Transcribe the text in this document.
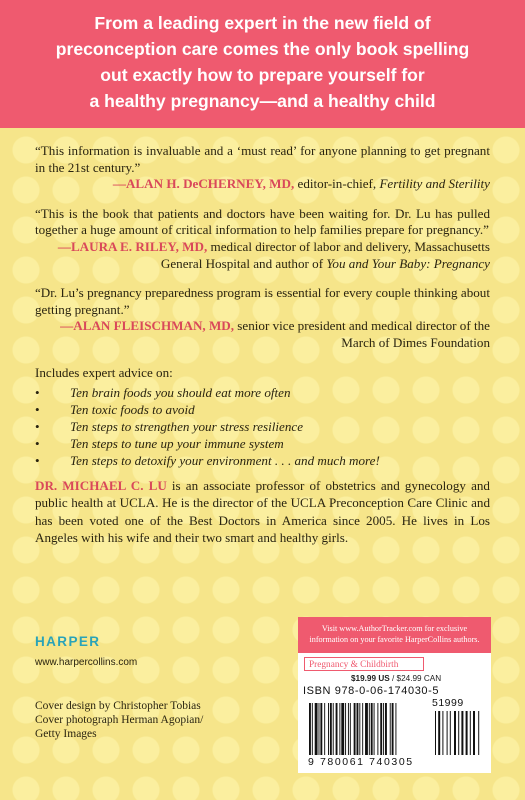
From a leading expert in the new field of
preconception care comes the only book spelling
out exactly how to prepare yourself for
a healthy pregnancy—and a healthy child
“This information is invaluable and a ‘must read’ for anyone planning to get pregnant in the 21st century.”
—ALAN H. DeCHERNEY, MD, editor-in-chief, Fertility and Sterility
“This is the book that patients and doctors have been waiting for. Dr. Lu has pulled together a huge amount of critical information to help families prepare for pregnancy.”
—LAURA E. RILEY, MD, medical director of labor and delivery, Massachusetts General Hospital and author of You and Your Baby: Pregnancy
“Dr. Lu’s pregnancy preparedness program is essential for every couple thinking about getting pregnant.”
—ALAN FLEISCHMAN, MD, senior vice president and medical director of the March of Dimes Foundation
Includes expert advice on:
• Ten brain foods you should eat more often
• Ten toxic foods to avoid
• Ten steps to strengthen your stress resilience
• Ten steps to tune up your immune system
• Ten steps to detoxify your environment . . . and much more!
DR. MICHAEL C. LU is an associate professor of obstetrics and gynecology and public health at UCLA. He is the director of the UCLA Preconception Care Clinic and has been voted one of the Best Doctors in America since 2005. He lives in Los Angeles with his wife and their two smart and healthy girls.
HARPER
www.harpercollins.com
Cover design by Christopher Tobias
Cover photograph Herman Agopian/
Getty Images
Visit www.AuthorTracker.com for exclusive
information on your favorite HarperCollins authors.
Pregnancy & Childbirth
$19.99 US / $24.99 CAN
ISBN 978-0-06-174030-5
51999
9 780061 740305
